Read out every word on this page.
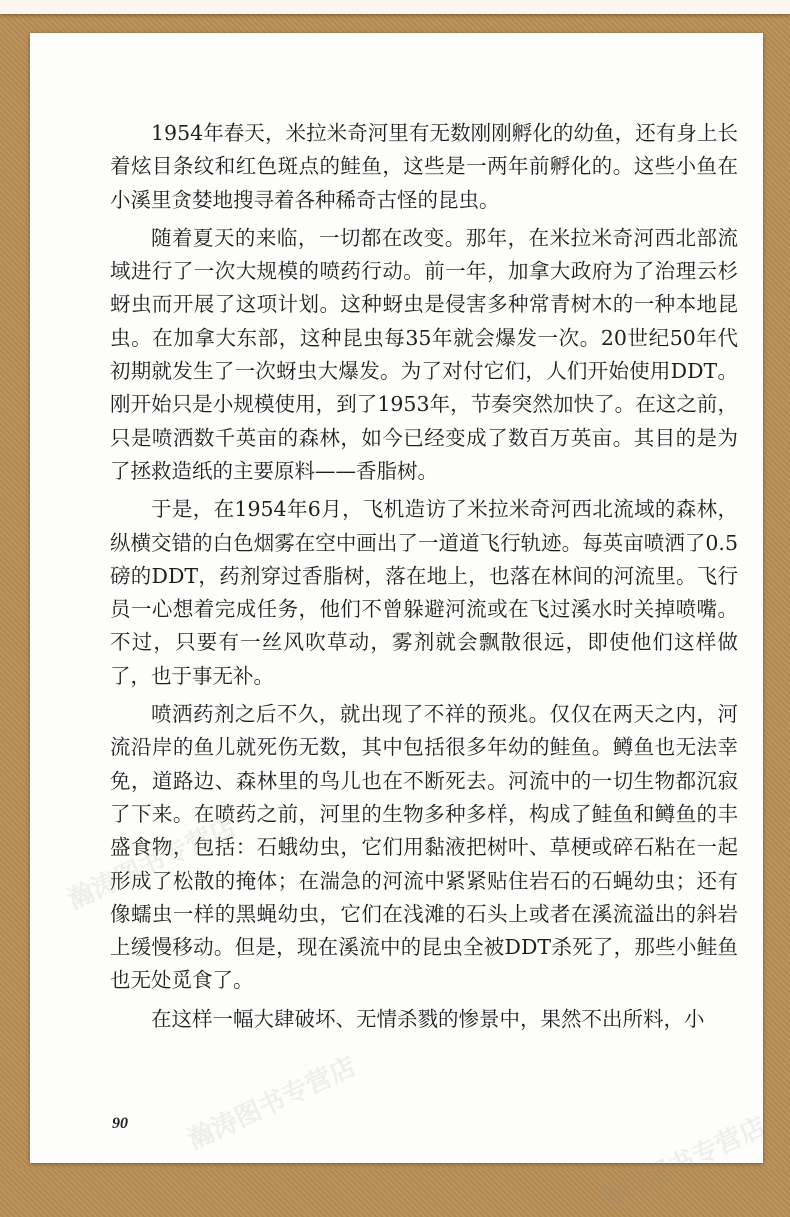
1954年春天，米拉米奇河里有无数刚刚孵化的幼鱼，还有身上长着炫目条纹和红色斑点的鲑鱼，这些是一两年前孵化的。这些小鱼在小溪里贪婪地搜寻着各种稀奇古怪的昆虫。

随着夏天的来临，一切都在改变。那年，在米拉米奇河西北部流域进行了一次大规模的喷药行动。前一年，加拿大政府为了治理云杉蚜虫而开展了这项计划。这种蚜虫是侵害多种常青树木的一种本地昆虫。在加拿大东部，这种昆虫每35年就会爆发一次。20世纪50年代初期就发生了一次蚜虫大爆发。为了对付它们，人们开始使用DDT。刚开始只是小规模使用，到了1953年，节奏突然加快了。在这之前，只是喷洒数千英亩的森林，如今已经变成了数百万英亩。其目的是为了拯救造纸的主要原料——香脂树。

于是，在1954年6月，飞机造访了米拉米奇河西北流域的森林，纵横交错的白色烟雾在空中画出了一道道飞行轨迹。每英亩喷洒了0.5磅的DDT，药剂穿过香脂树，落在地上，也落在林间的河流里。飞行员一心想着完成任务，他们不曾躲避河流或在飞过溪水时关掉喷嘴。不过，只要有一丝风吹草动，雾剂就会飘散很远，即使他们这样做了，也于事无补。

喷洒药剂之后不久，就出现了不祥的预兆。仅仅在两天之内，河流沿岸的鱼儿就死伤无数，其中包括很多年幼的鲑鱼。鳟鱼也无法幸免，道路边、森林里的鸟儿也在不断死去。河流中的一切生物都沉寂了下来。在喷药之前，河里的生物多种多样，构成了鲑鱼和鳟鱼的丰盛食物，包括：石蛾幼虫，它们用黏液把树叶、草梗或碎石粘在一起形成了松散的掩体；在湍急的河流中紧紧贴住岩石的石蝇幼虫；还有像蠕虫一样的黑蝇幼虫，它们在浅滩的石头上或者在溪流溢出的斜岩上缓慢移动。但是，现在溪流中的昆虫全被DDT杀死了，那些小鲑鱼也无处觅食了。

在这样一幅大肆破坏、无情杀戮的惨景中，果然不出所料，小

90
瀚涛图书专营店
瀚涛图书专营店
瀚涛图书专营店
